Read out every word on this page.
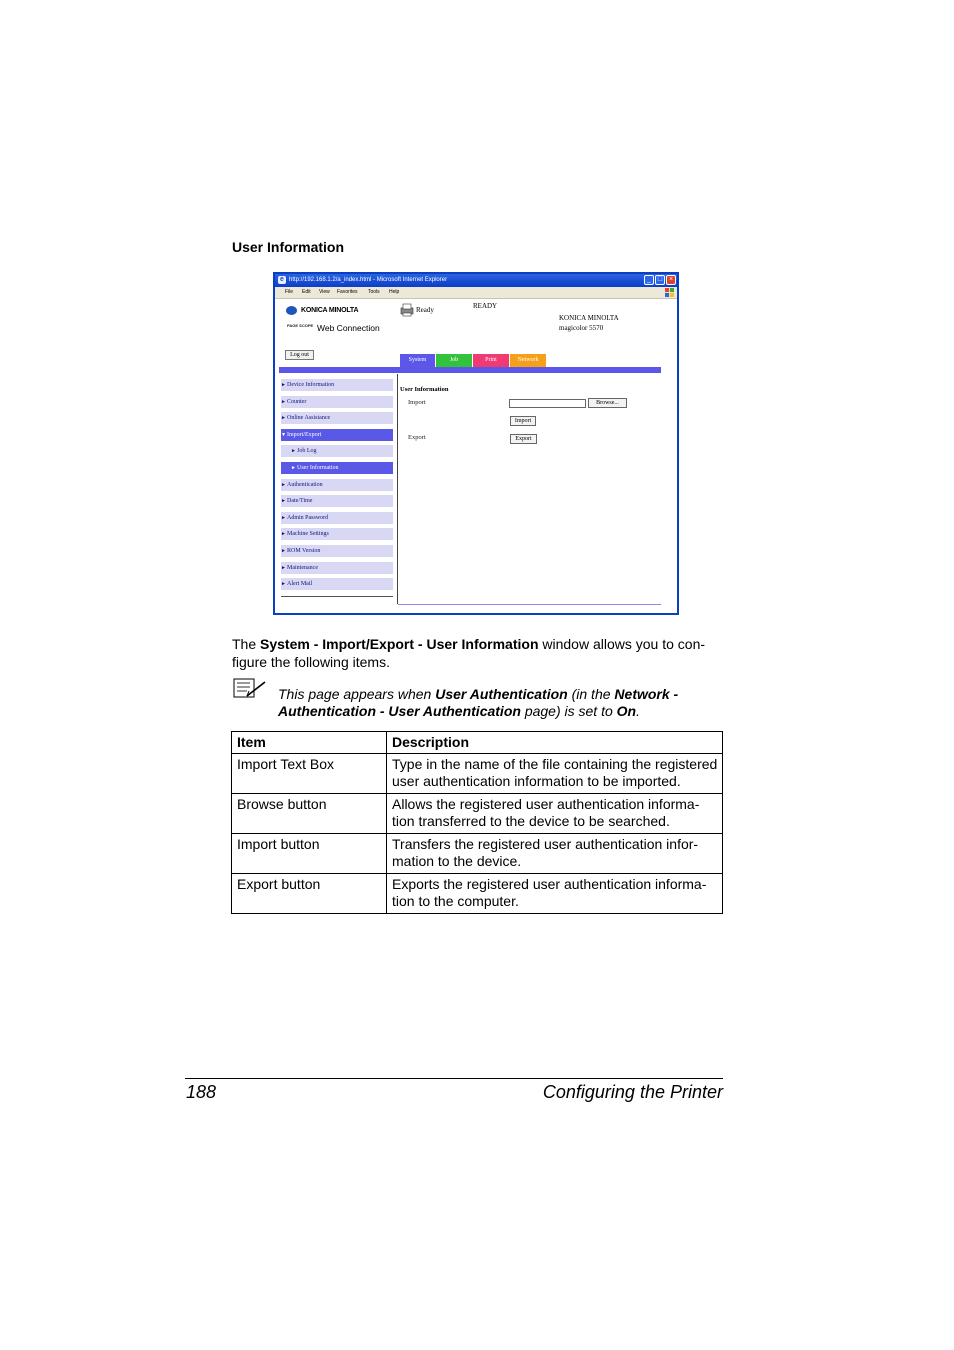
User Information
e http://192.168.1.2/a_index.html - Microsoft Internet Explorer	_ □ ×
File Edit View Favorites Tools Help
KONICA MINOLTA
PAGE SCOPE Web Connection
Ready	READY
KONICA MINOLTA
magicolor 5570
Log out
System	Job	Print	Network
►Device Information
►Counter
►Online Assistance
▼Import/Export
►Job Log
►User Information
►Authentication
►Date/Time
►Admin Password
►Machine Settings
►ROM Version
►Maintenance
►Alert Mail
User Information
Import	Browse...
Import
Export	Export
The System - Import/Export - User Information window allows you to con-figure the following items.
This page appears when User Authentication (in the Network - Authentication - User Authentication page) is set to On.
Item	Description
Import Text Box	Type in the name of the file containing the registered user authentication information to be imported.
Browse button	Allows the registered user authentication informa-tion transferred to the device to be searched.
Import button	Transfers the registered user authentication infor-mation to the device.
Export button	Exports the registered user authentication informa-tion to the computer.
188	Configuring the Printer
